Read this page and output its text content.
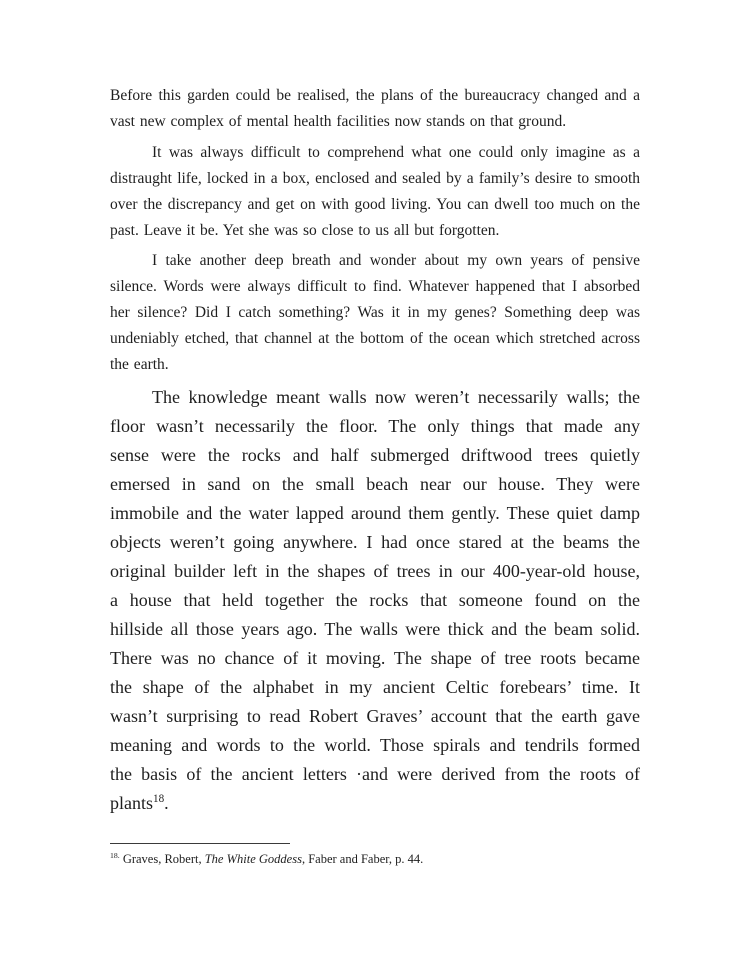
Before this garden could be realised, the plans of the bureaucracy changed and a vast new complex of mental health facilities now stands on that ground.

It was always difficult to comprehend what one could only imagine as a distraught life, locked in a box, enclosed and sealed by a family’s desire to smooth over the discrepancy and get on with good living. You can dwell too much on the past. Leave it be. Yet she was so close to us all but forgotten.

I take another deep breath and wonder about my own years of pensive silence. Words were always difficult to find. Whatever happened that I absorbed her silence? Did I catch something? Was it in my genes? Something deep was undeniably etched, that channel at the bottom of the ocean which stretched across the earth.

The knowledge meant walls now weren’t necessarily walls; the floor wasn’t necessarily the floor. The only things that made any sense were the rocks and half submerged driftwood trees quietly emersed in sand on the small beach near our house. They were immobile and the water lapped around them gently. These quiet damp objects weren’t going anywhere. I had once stared at the beams the original builder left in the shapes of trees in our 400-year-old house, a house that held together the rocks that someone found on the hillside all those years ago. The walls were thick and the beam solid. There was no chance of it moving. The shape of tree roots became the shape of the alphabet in my ancient Celtic forebears’ time. It wasn’t surprising to read Robert Graves’ account that the earth gave meaning and words to the world. Those spirals and tendrils formed the basis of the ancient letters ·and were derived from the roots of plants$^{18}$.

$^{18.}$ Graves, Robert, The White Goddess, Faber and Faber, p. 44.
